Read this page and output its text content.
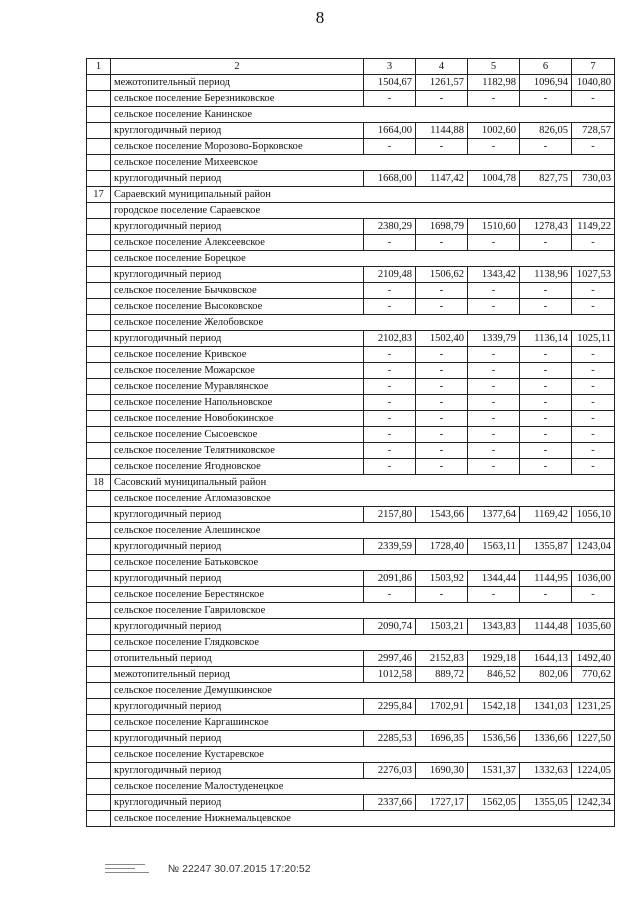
8
1	2	3	4	5	6	7
	межотопительный период	1504,67	1261,57	1182,98	1096,94	1040,80
	сельское поселение Березниковское	-	-	-	-	-
	сельское поселение Канинское					
	круглогодичный период	1664,00	1144,88	1002,60	826,05	728,57
	сельское поселение Морозово-Борковское	-	-	-	-	-
	сельское поселение Михеевское					
	круглогодичный период	1668,00	1147,42	1004,78	827,75	730,03
17	Сараевский муниципальный район					
	городское поселение Сараевское					
	круглогодичный период	2380,29	1698,79	1510,60	1278,43	1149,22
	сельское поселение Алексеевское	-	-	-	-	-
	сельское поселение Борецкое					
	круглогодичный период	2109,48	1506,62	1343,42	1138,96	1027,53
	сельское поселение Бычковское	-	-	-	-	-
	сельское поселение Высоковское	-	-	-	-	-
	сельское поселение Желобовское					
	круглогодичный период	2102,83	1502,40	1339,79	1136,14	1025,11
	сельское поселение Кривское	-	-	-	-	-
	сельское поселение Можарское	-	-	-	-	-
	сельское поселение Муравлянское	-	-	-	-	-
	сельское поселение Напольновское	-	-	-	-	-
	сельское поселение Новобокинское	-	-	-	-	-
	сельское поселение Сысоевское	-	-	-	-	-
	сельское поселение Телятниковское	-	-	-	-	-
	сельское поселение Ягодновское	-	-	-	-	-
18	Сасовский муниципальный район					
	сельское поселение Агломазовское					
	круглогодичный период	2157,80	1543,66	1377,64	1169,42	1056,10
	сельское поселение Алешинское					
	круглогодичный период	2339,59	1728,40	1563,11	1355,87	1243,04
	сельское поселение Батьковское					
	круглогодичный период	2091,86	1503,92	1344,44	1144,95	1036,00
	сельское поселение Берестянское	-	-	-	-	-
	сельское поселение Гавриловское					
	круглогодичный период	2090,74	1503,21	1343,83	1144,48	1035,60
	сельское поселение Глядковское					
	отопительный период	2997,46	2152,83	1929,18	1644,13	1492,40
	межотопительный период	1012,58	889,72	846,52	802,06	770,62
	сельское поселение Демушкинское					
	круглогодичный период	2295,84	1702,91	1542,18	1341,03	1231,25
	сельское поселение Каргашинское					
	круглогодичный период	2285,53	1696,35	1536,56	1336,66	1227,50
	сельское поселение Кустаревское					
	круглогодичный период	2276,03	1690,30	1531,37	1332,63	1224,05
	сельское поселение Малостуденецкое					
	круглогодичный период	2337,66	1727,17	1562,05	1355,05	1242,34
	сельское поселение Нижнемальцевское					
№ 22247 30.07.2015 17:20:52
